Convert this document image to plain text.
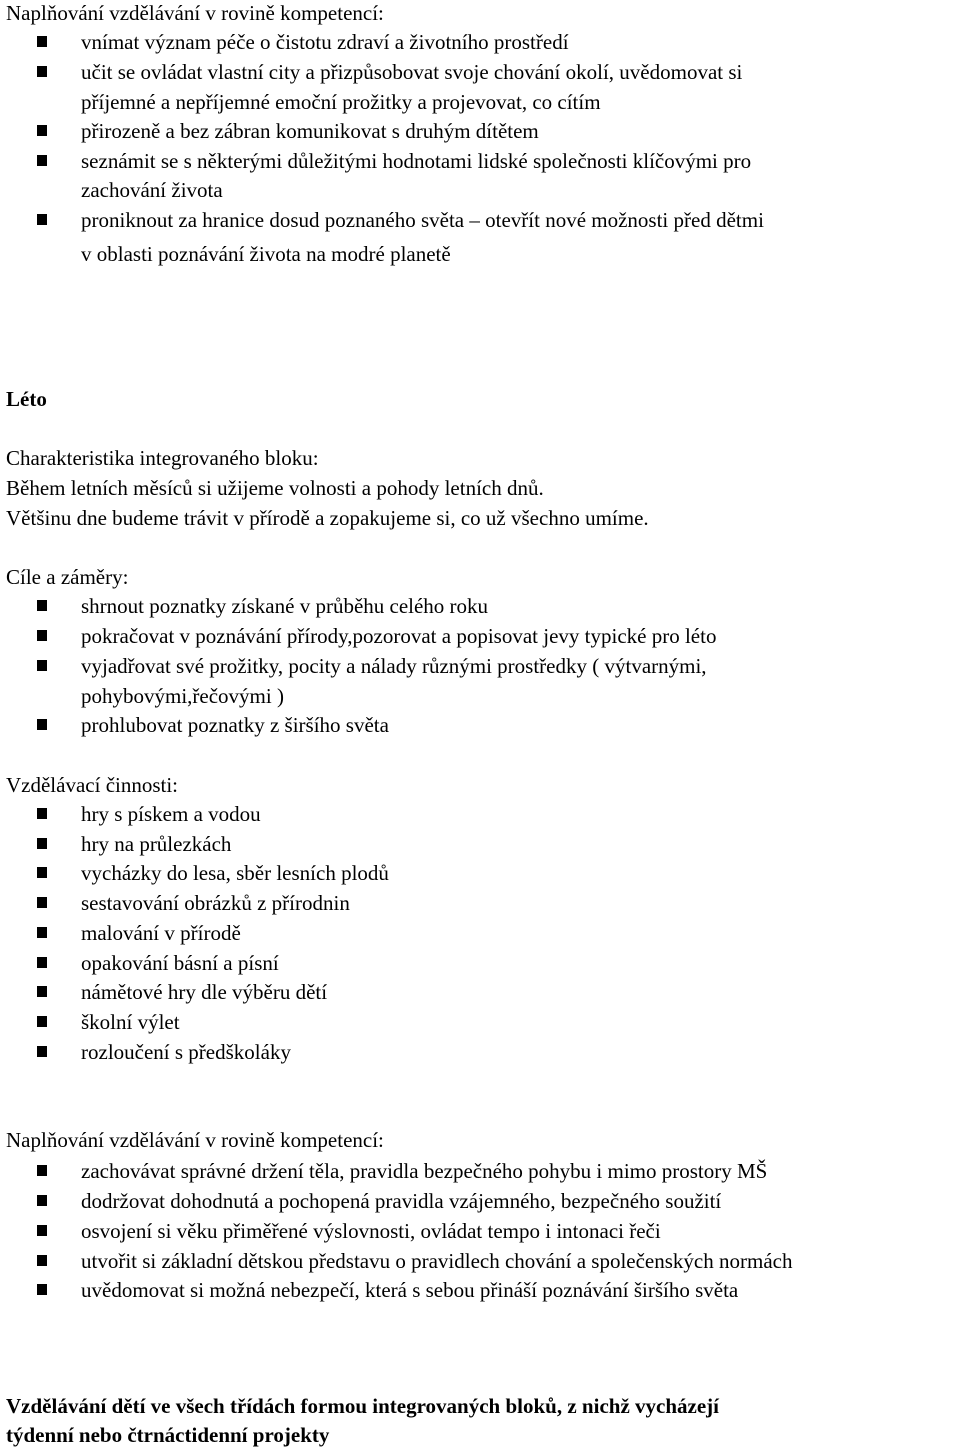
Naplňování vzdělávání v rovině kompetencí:
vnímat význam péče o čistotu zdraví a životního prostředí
učit se ovládat vlastní city a přizpůsobovat svoje chování okolí, uvědomovat si
příjemné a nepříjemné emoční prožitky a projevovat, co cítím
přirozeně a bez zábran komunikovat s druhým dítětem
seznámit se s některými důležitými hodnotami lidské společnosti klíčovými pro
zachování života
proniknout za hranice dosud poznaného světa – otevřít nové možnosti před dětmi
v oblasti poznávání života na modré planetě
Léto
Charakteristika integrovaného bloku:
Během letních měsíců si užijeme volnosti a pohody letních dnů.
Většinu dne budeme trávit v přírodě a zopakujeme si, co už všechno umíme.
Cíle a záměry:
shrnout poznatky získané v průběhu celého roku
pokračovat v poznávání přírody,pozorovat a popisovat jevy typické pro léto
vyjadřovat své prožitky, pocity a nálady různými prostředky ( výtvarnými,
pohybovými,řečovými )
prohlubovat poznatky z širšího světa
Vzdělávací činnosti:
hry s pískem a vodou
hry na průlezkách
vycházky do lesa, sběr lesních plodů
sestavování obrázků z přírodnin
malování v přírodě
opakování básní a písní
námětové hry dle výběru dětí
školní výlet
rozloučení s předškoláky
Naplňování vzdělávání v rovině kompetencí:
zachovávat správné držení těla, pravidla bezpečného pohybu i mimo prostory MŠ
dodržovat dohodnutá a pochopená pravidla vzájemného, bezpečného soužití
osvojení si věku přiměřené výslovnosti, ovládat tempo i intonaci řeči
utvořit si základní dětskou představu o pravidlech chování a společenských normách
uvědomovat si možná nebezpečí, která s sebou přináší poznávání širšího světa
Vzdělávání dětí ve všech třídách formou integrovaných bloků, z nichž vycházejí
týdenní nebo čtrnáctidenní projekty
